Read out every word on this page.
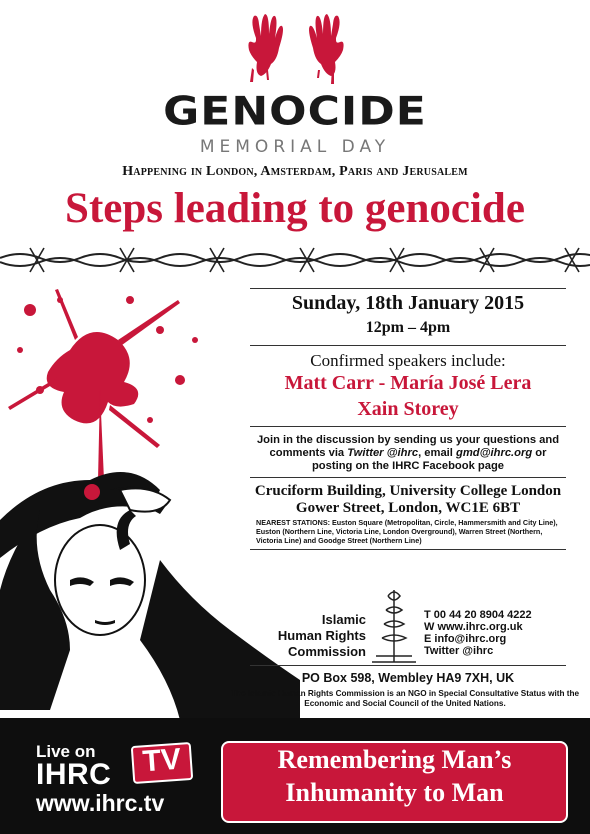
GENOCIDE
MEMORIAL DAY
Happening in London, Amsterdam, Paris and Jerusalem
Steps leading to genocide
Sunday, 18th January 2015
12pm – 4pm
Confirmed speakers include:
Matt Carr - María José Lera
Xain Storey
Join in the discussion by sending us your questions and comments via Twitter @ihrc, email gmd@ihrc.org or posting on the IHRC Facebook page
Cruciform Building, University College London
Gower Street, London, WC1E 6BT
NEAREST STATIONS: Euston Square (Metropolitan, Circle, Hammersmith and City Line), Euston (Northern Line, Victoria Line, London Overground), Warren Street (Northern, Victoria Line) and Goodge Street (Northern Line)
Islamic
Human Rights
Commission
T 00 44 20 8904 4222
W www.ihrc.org.uk
E info@ihrc.org
Twitter @ihrc
PO Box 598, Wembley HA9 7XH, UK
The Islamic Human Rights Commission is an NGO in Special Consultative Status with the Economic and Social Council of the United Nations.
Live on
IHRC TV
www.ihrc.tv
Remembering Man’s
Inhumanity to Man
